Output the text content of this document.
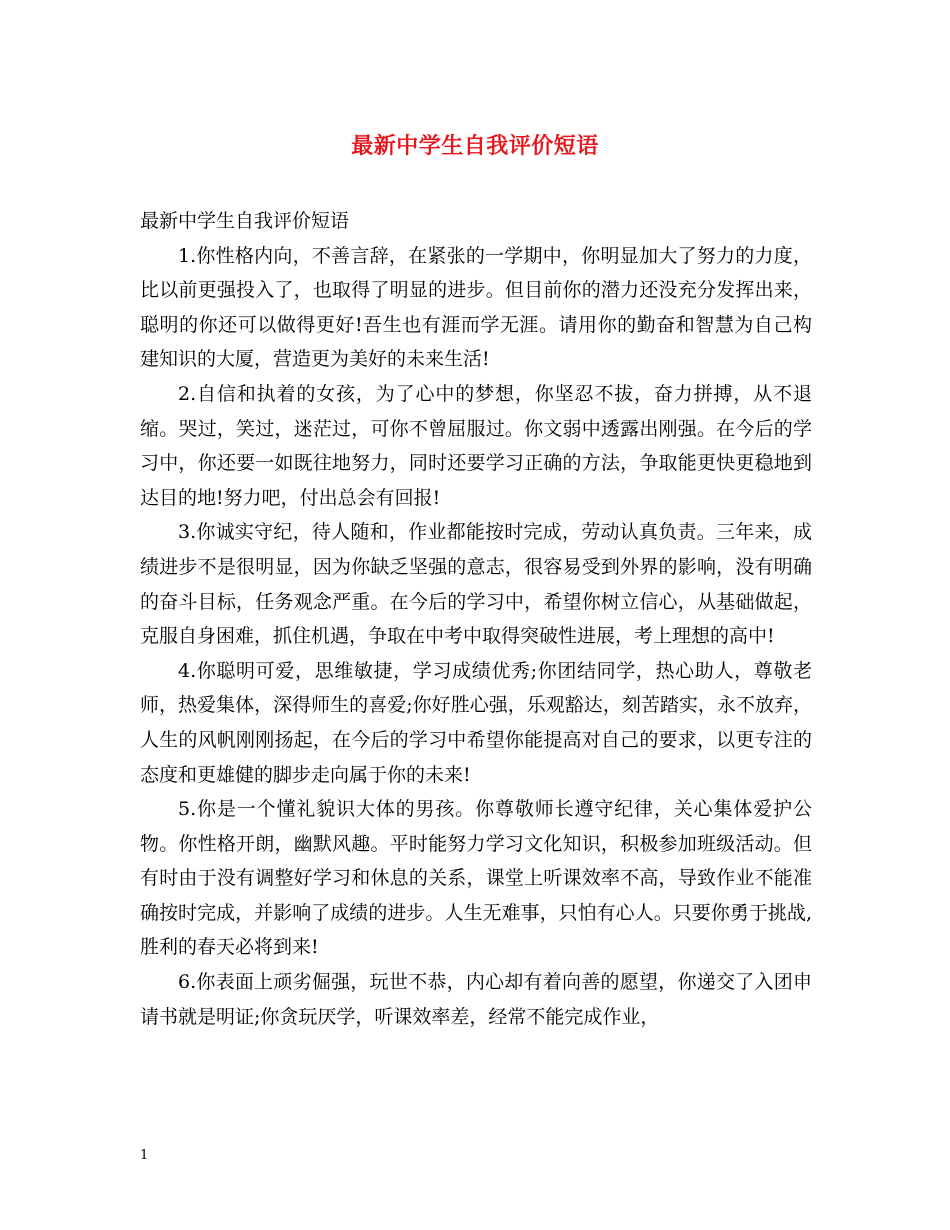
最新中学生自我评价短语

最新中学生自我评价短语

1.你性格内向，不善言辞，在紧张的一学期中，你明显加大了努力的力度，比以前更强投入了，也取得了明显的进步。但目前你的潜力还没充分发挥出来，聪明的你还可以做得更好!吾生也有涯而学无涯。请用你的勤奋和智慧为自己构建知识的大厦，营造更为美好的未来生活!

2.自信和执着的女孩，为了心中的梦想，你坚忍不拔，奋力拼搏，从不退缩。哭过，笑过，迷茫过，可你不曾屈服过。你文弱中透露出刚强。在今后的学习中，你还要一如既往地努力，同时还要学习正确的方法，争取能更快更稳地到达目的地!努力吧，付出总会有回报!

3.你诚实守纪，待人随和，作业都能按时完成，劳动认真负责。三年来，成绩进步不是很明显，因为你缺乏坚强的意志，很容易受到外界的影响，没有明确的奋斗目标，任务观念严重。在今后的学习中，希望你树立信心，从基础做起，克服自身困难，抓住机遇，争取在中考中取得突破性进展，考上理想的高中!

4.你聪明可爱，思维敏捷，学习成绩优秀;你团结同学，热心助人，尊敬老师，热爱集体，深得师生的喜爱;你好胜心强，乐观豁达，刻苦踏实，永不放弃，人生的风帆刚刚扬起，在今后的学习中希望你能提高对自己的要求，以更专注的态度和更雄健的脚步走向属于你的未来!

5.你是一个懂礼貌识大体的男孩。你尊敬师长遵守纪律，关心集体爱护公物。你性格开朗，幽默风趣。平时能努力学习文化知识，积极参加班级活动。但有时由于没有调整好学习和休息的关系，课堂上听课效率不高，导致作业不能准确按时完成，并影响了成绩的进步。人生无难事，只怕有心人。只要你勇于挑战,胜利的春天必将到来!

6.你表面上顽劣倔强，玩世不恭，内心却有着向善的愿望，你递交了入团申请书就是明证;你贪玩厌学，听课效率差，经常不能完成作业，

1
